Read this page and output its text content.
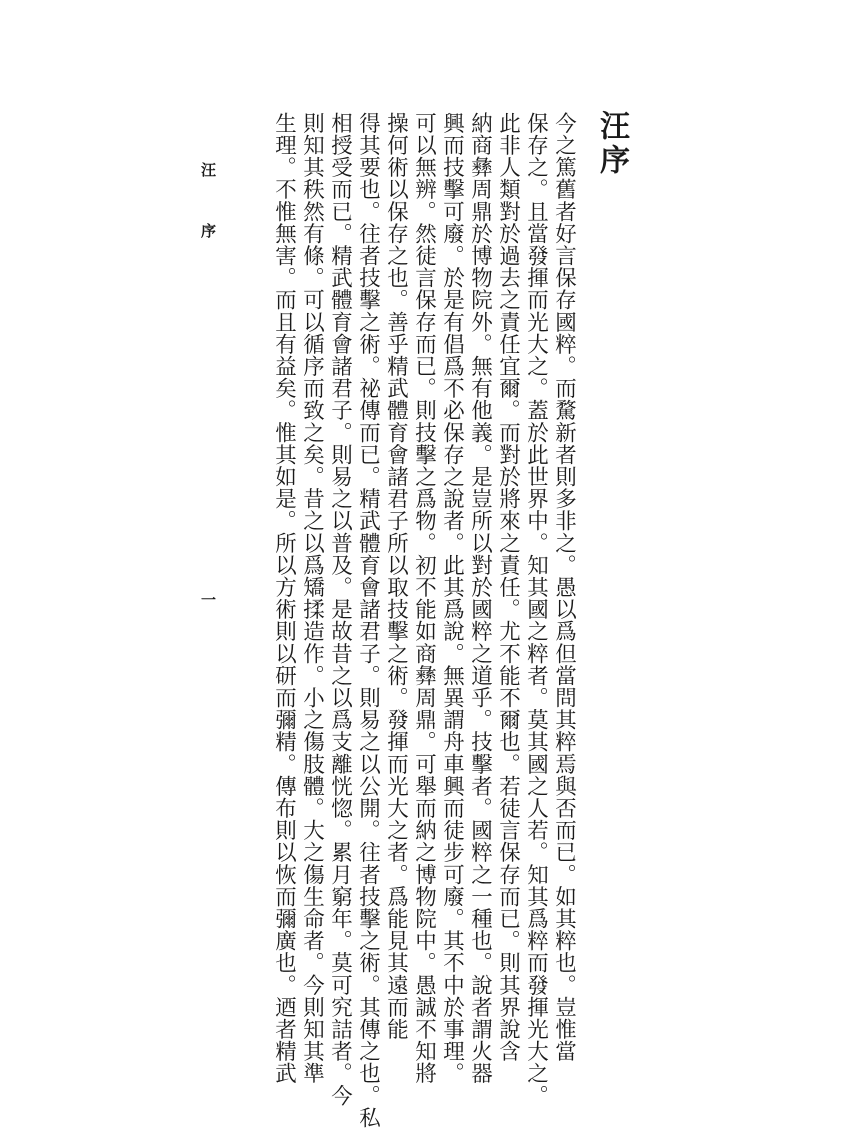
汪序
今之篤舊者好言保存國粹。而騖新者則多非之。愚以爲但當問其粹焉與否而已。如其粹也。豈惟當
保存之。且當發揮而光大之。蓋於此世界中。知其國之粹者。莫其國之人若。知其爲粹而發揮光大之。
此非人類對於過去之責任宜爾。而對於將來之責任。尤不能不爾也。若徒言保存而已。則其界說含
納商彝周鼎於博物院外。無有他義。是豈所以對於國粹之道乎。技擊者。國粹之一種也。說者謂火器
興而技擊可廢。於是有倡爲不必保存之說者。此其爲說。無異謂舟車興而徒步可廢。其不中於事理。
可以無辨。然徒言保存而已。則技擊之爲物。初不能如商彝周鼎。可舉而納之博物院中。愚誠不知將
操何術以保存之也。善乎精武體育會諸君子所以取技擊之術。發揮而光大之者。爲能見其遠而能
得其要也。往者技擊之術。祕傳而已。精武體育會諸君子。則易之以公開。往者技擊之術。其傳之也。私
相授受而已。精武體育會諸君子。則易之以普及。是故昔之以爲支離恍惚。累月窮年。莫可究詰者。今
則知其秩然有條。可以循序而致之矣。昔之以爲矯揉造作。小之傷肢體。大之傷生命者。今則知其準
生理。不惟無害。而且有益矣。惟其如是。所以方術則以研而彌精。傳布則以恢而彌廣也。迺者精武
汪 序
一
